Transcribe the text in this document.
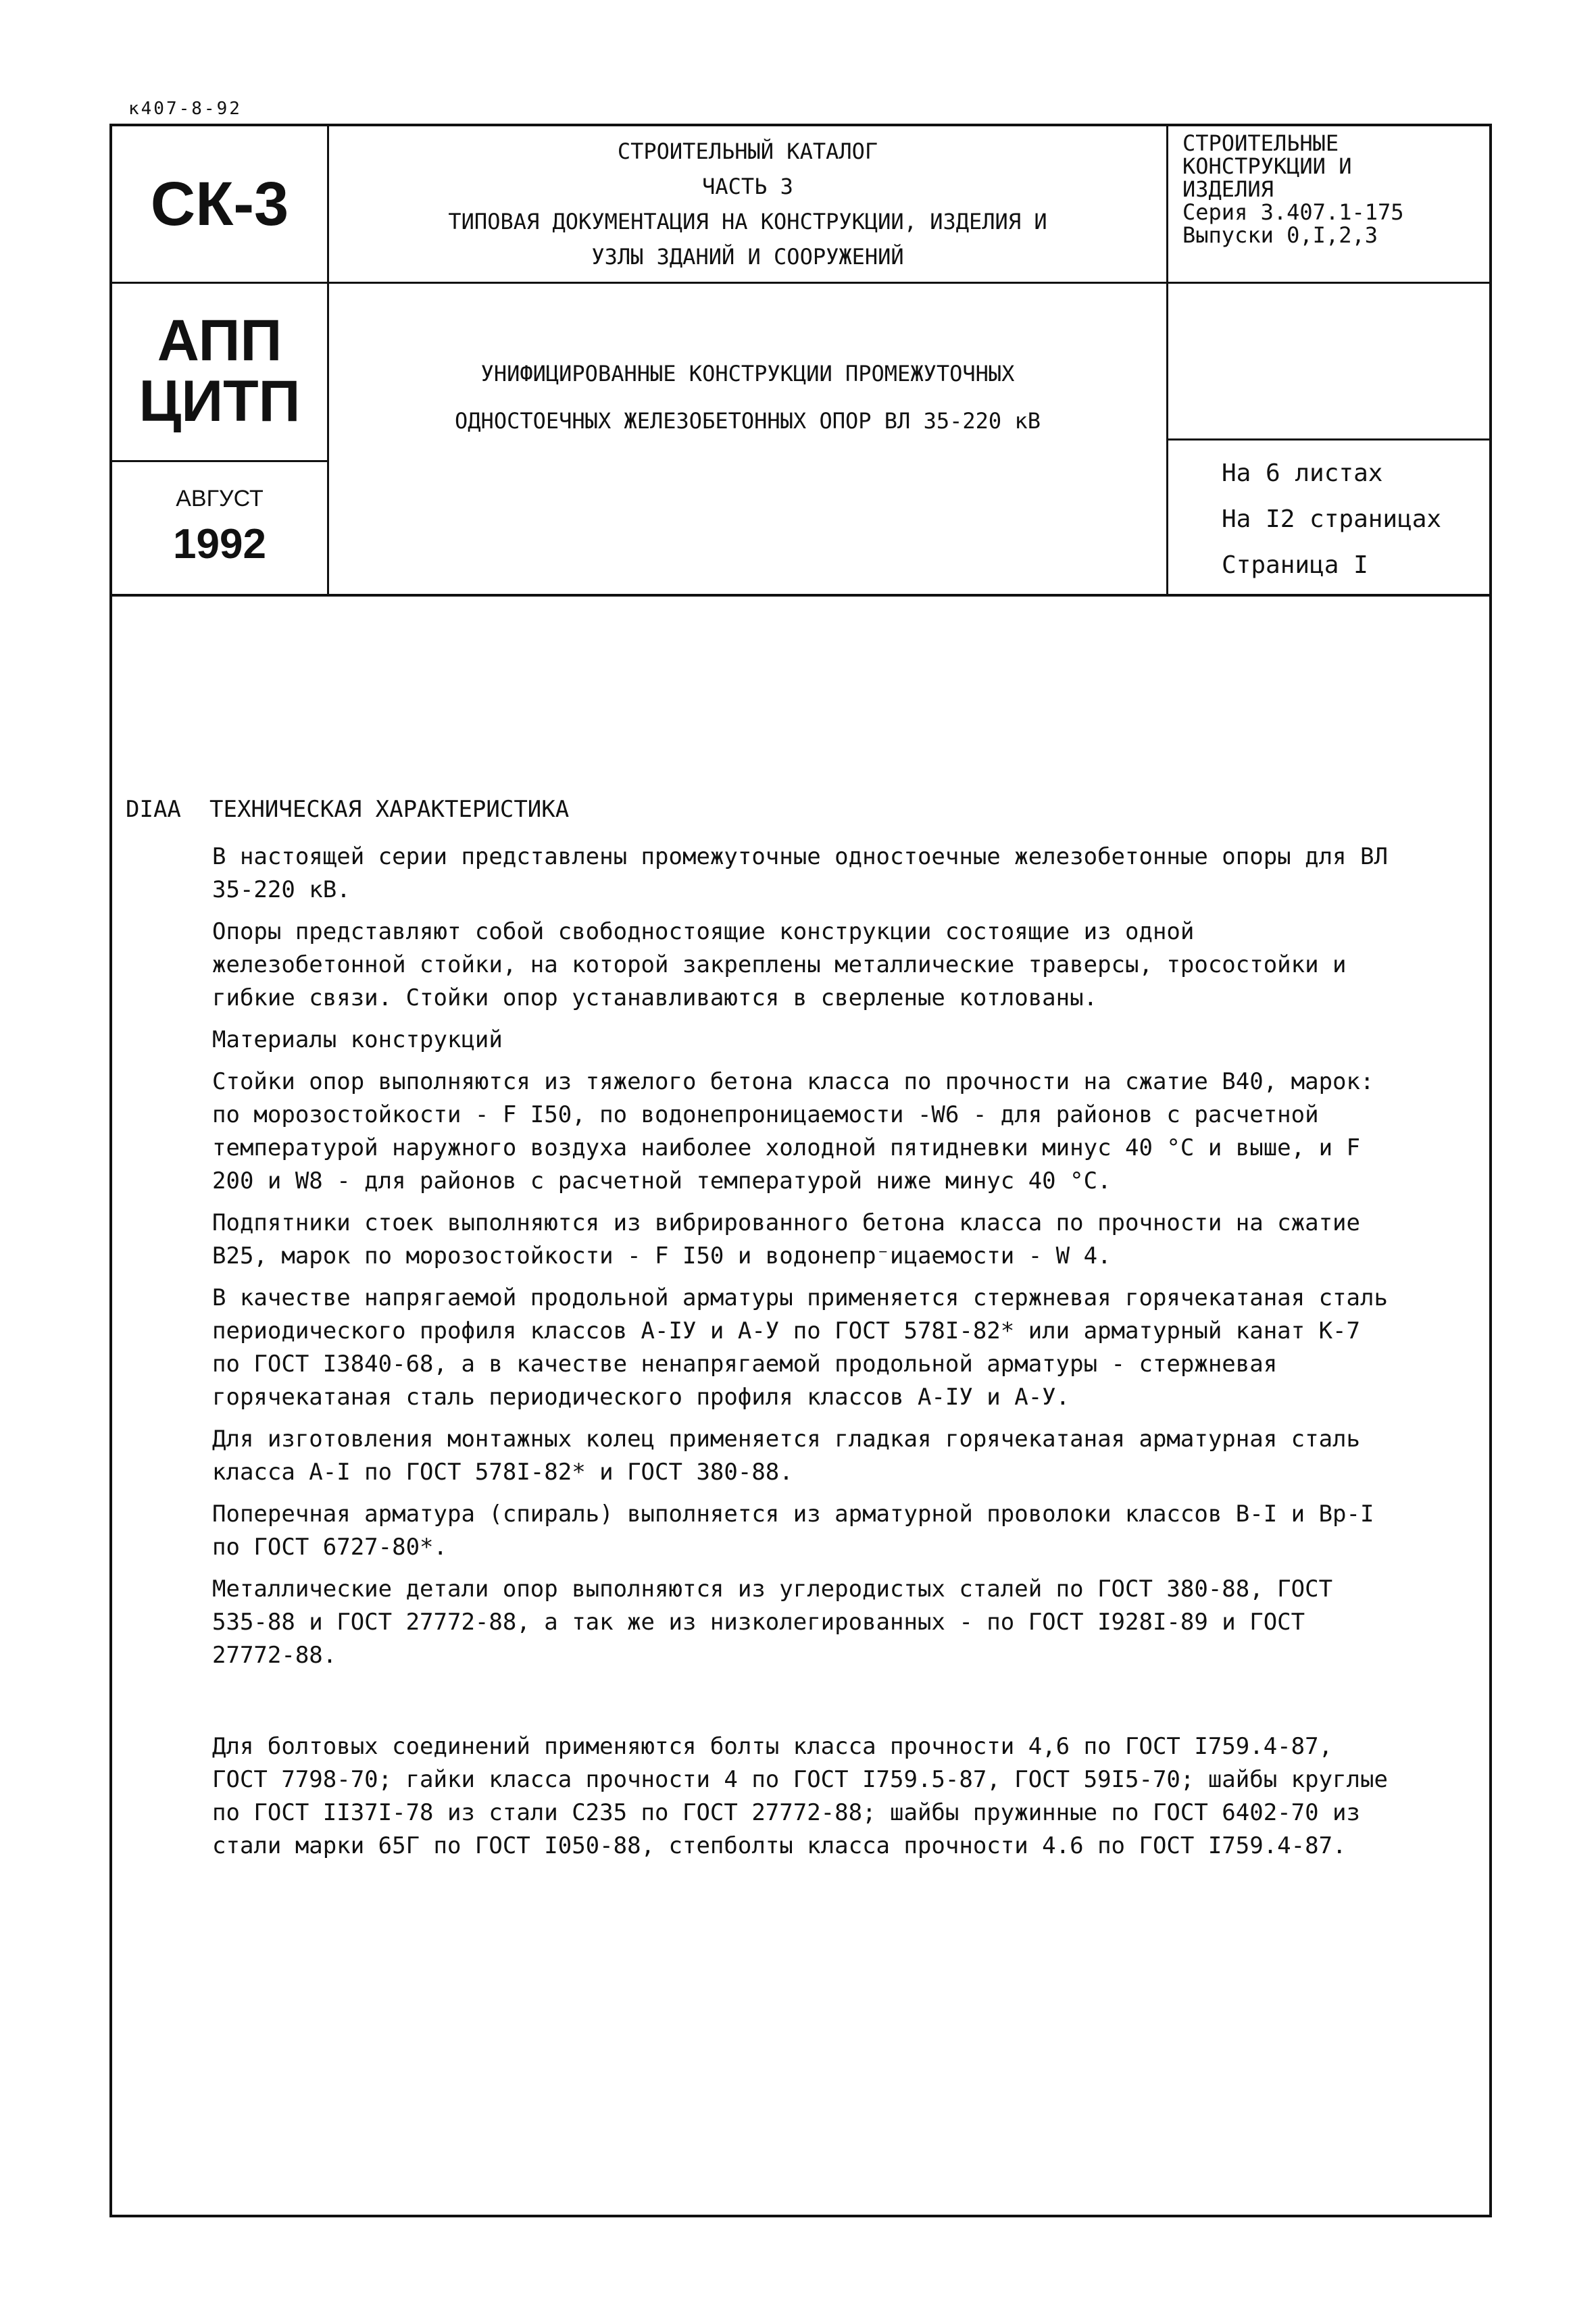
к407-8-92
СК-3
АПП
ЦИТП
АВГУСТ
1992
СТРОИТЕЛЬНЫЙ КАТАЛОГ
ЧАСТЬ 3
ТИПОВАЯ ДОКУМЕНТАЦИЯ НА КОНСТРУКЦИИ, ИЗДЕЛИЯ И
УЗЛЫ ЗДАНИЙ И СООРУЖЕНИЙ
УНИФИЦИРОВАННЫЕ КОНСТРУКЦИИ ПРОМЕЖУТОЧНЫХ
ОДНОСТОЕЧНЫХ ЖЕЛЕЗОБЕТОННЫХ ОПОР ВЛ 35-220 кВ
СТРОИТЕЛЬНЫЕ
КОНСТРУКЦИИ И
ИЗДЕЛИЯ
Серия 3.407.1-175
Выпуски 0,I,2,3
На 6 листах
На I2 страницах
Страница I
DIAA ТЕХНИЧЕСКАЯ ХАРАКТЕРИСТИКА

В настоящей серии представлены промежуточные одностоечные железобетонные опоры для ВЛ 35-220 кВ.

Опоры представляют собой свободностоящие конструкции состоящие из одной железобетонной стойки, на которой закреплены металлические траверсы, тросостойки и гибкие связи. Стойки опор устанавливаются в сверленые котлованы.

Материалы конструкций

Стойки опор выполняются из тяжелого бетона класса по прочности на сжатие В40, марок: по морозостойкости - F I50, по водонепроницаемости -W6 - для районов с расчетной температурой наружного воздуха наиболее холодной пятидневки минус 40 °С и выше, и F 200 и W8 - для районов с расчетной температурой ниже минус 40 °С.

Подпятники стоек выполняются из вибрированного бетона класса по прочности на сжатие В25, марок по морозостойкости - F I50 и водонепр⁻ицаемости - W 4.

В качестве напрягаемой продольной арматуры применяется стержневая горячекатаная сталь периодического профиля классов А-IУ и А-У по ГОСТ 578I-82* или арматурный канат К-7 по ГОСТ I3840-68, а в качестве ненапрягаемой продольной арматуры - стержневая горячекатаная сталь периодического профиля классов А-IУ и А-У.

Для изготовления монтажных колец применяется гладкая горячекатаная арматурная сталь класса А-I по ГОСТ 578I-82* и ГОСТ 380-88.

Поперечная арматура (спираль) выполняется из арматурной проволоки классов В-I и Вр-I по ГОСТ 6727-80*.

Металлические детали опор выполняются из углеродистых сталей по ГОСТ 380-88, ГОСТ 535-88 и ГОСТ 27772-88, а так же из низколегированных - по ГОСТ I928I-89 и ГОСТ 27772-88.

Для болтовых соединений применяются болты класса прочности 4,6 по ГОСТ I759.4-87, ГОСТ 7798-70; гайки класса прочности 4 по ГОСТ I759.5-87, ГОСТ 59I5-70; шайбы круглые по ГОСТ II37I-78 из стали С235 по ГОСТ 27772-88; шайбы пружинные по ГОСТ 6402-70 из стали марки 65Г по ГОСТ I050-88, степболты класса прочности 4.6 по ГОСТ I759.4-87.
